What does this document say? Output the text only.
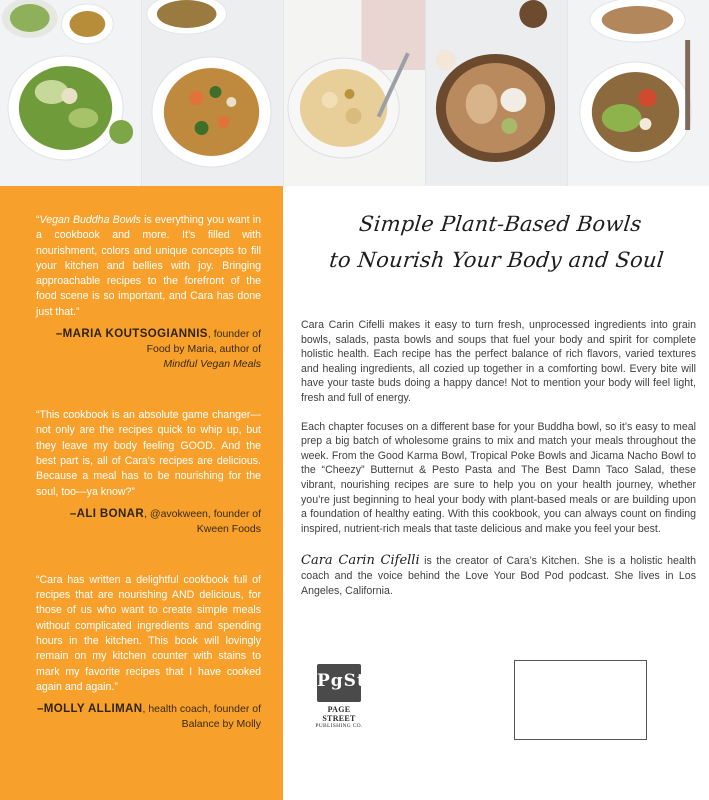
“Vegan Buddha Bowls is everything you want in a cookbook and more. It’s filled with nourishment, colors and unique concepts to fill your kitchen and bellies with joy. Bringing approachable recipes to the forefront of the food scene is so important, and Cara has done just that.”

–MARIA KOUTSOGIANNIS, founder of Food by Maria, author of
Mindful Vegan Meals

“This cookbook is an absolute game changer—not only are the recipes quick to whip up, but they leave my body feeling GOOD. And the best part is, all of Cara’s recipes are delicious. Because a meal has to be nourishing for the soul, too—ya know?”

–ALI BONAR, @avokween, founder of Kween Foods

“Cara has written a delightful cookbook full of recipes that are nourishing AND delicious, for those of us who want to create simple meals without complicated ingredients and spending hours in the kitchen. This book will lovingly remain on my kitchen counter with stains to mark my favorite recipes that I have cooked again and again.”

–MOLLY ALLIMAN, health coach, founder of Balance by Molly

Simple Plant-Based Bowls
to Nourish Your Body and Soul

Cara Carin Cifelli makes it easy to turn fresh, unprocessed ingredients into grain bowls, salads, pasta bowls and soups that fuel your body and spirit for complete holistic health. Each recipe has the perfect balance of rich flavors, varied textures and healing ingredients, all cozied up together in a comforting bowl. Every bite will have your taste buds doing a happy dance! Not to mention your body will feel light, fresh and full of energy.

Each chapter focuses on a different base for your Buddha bowl, so it’s easy to meal prep a big batch of wholesome grains to mix and match your meals throughout the week. From the Good Karma Bowl, Tropical Poke Bowls and Jicama Nacho Bowl to the “Cheezy” Butternut & Pesto Pasta and The Best Damn Taco Salad, these vibrant, nourishing recipes are sure to help you on your health journey, whether you’re just beginning to heal your body with plant-based meals or are building upon a foundation of healthy eating. With this cookbook, you can always count on finding inspired, nutrient-rich meals that taste delicious and make you feel your best.

Cara Carin Cifelli is the creator of Cara’s Kitchen. She is a holistic health coach and the voice behind the Love Your Bod Pod podcast. She lives in Los Angeles, California.

PgSt
PAGE STREET
PUBLISHING CO.
